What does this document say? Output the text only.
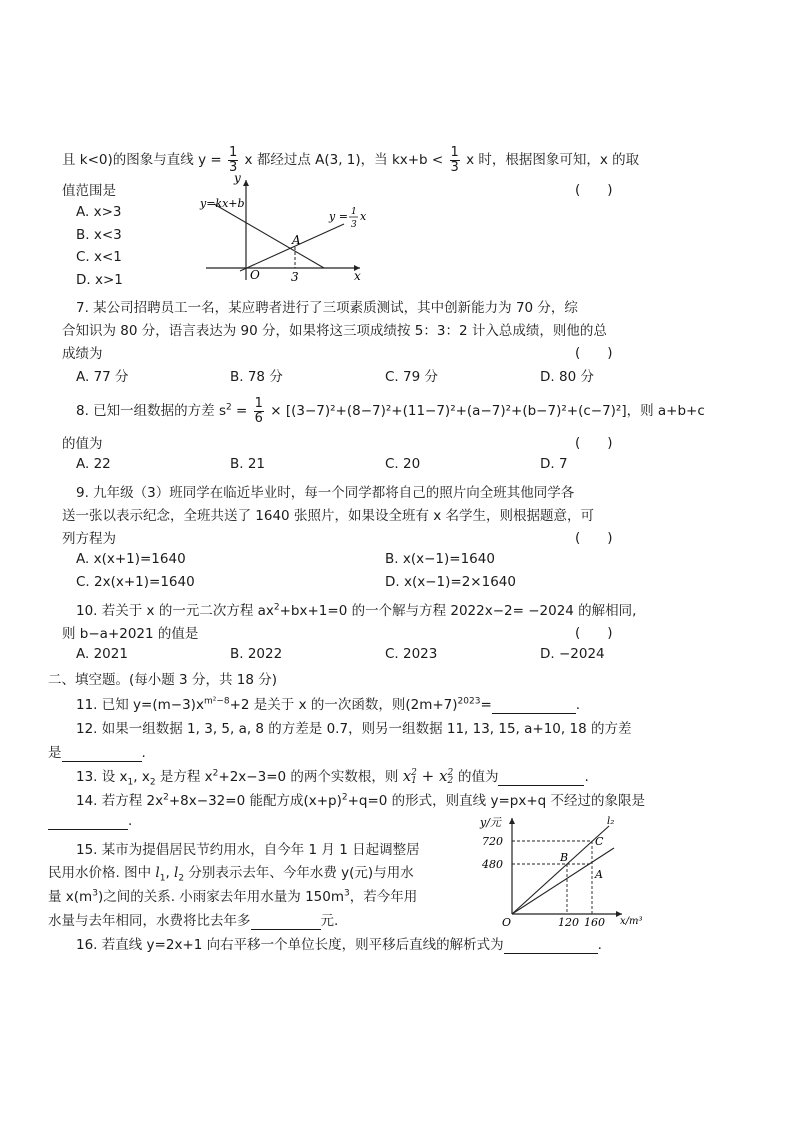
且 k<0)的图象与直线 $y = \frac{1}{3}$ x 都经过点 A(3, 1)，当 $kx+b < \frac{1}{3}$ x 时，根据图象可知，x 的取
值范围是	(　　)
A. x>3
B. x<3
C. x<1
D. x>1
y
x
O
y=kx+b
y = 1
3
x
A
3
7. 某公司招聘员工一名，某应聘者进行了三项素质测试，其中创新能力为 70 分，综
合知识为 80 分，语言表达为 90 分，如果将这三项成绩按 5：3：2 计入总成绩，则他的总
成绩为	(　　)
A. 77 分	B. 78 分	C. 79 分	D. 80 分
8. 已知一组数据的方差 $s^2 = \frac{1}{6} \times [(3-7)^2+(8-7)^2+(11-7)^2+(a-7)^2+(b-7)^2+(c-7)^2]$，则 a+b+c
的值为	(　　)
A. 22	B. 21	C. 20	D. 7
9. 九年级（3）班同学在临近毕业时，每一个同学都将自己的照片向全班其他同学各
送一张以表示纪念，全班共送了 1640 张照片，如果设全班有 x 名学生，则根据题意，可
列方程为	(　　)
A. x(x+1)=1640	B. x(x−1)=1640
C. 2x(x+1)=1640	D. x(x−1)=2×1640
10. 若关于 x 的一元二次方程 $ax^2+bx+1=0$ 的一个解与方程 2022x−2= −2024 的解相同,
则 b−a+2021 的值是	(　　)
A. 2021	B. 2022	C. 2023	D. −2024
二、填空题。(每小题 3 分，共 18 分)
11. 已知 $y=(m-3)x^{m^2-8}+2$ 是关于 x 的一次函数，则$(2m+7)^{2023}=$	.
12. 如果一组数据 1, 3, 5, a, 8 的方差是 0.7，则另一组数据 11, 13, 15, a+10, 18 的方差
是	.
13. 设 $x_1$, $x_2$ 是方程 $x^2+2x-3=0$ 的两个实数根，则 x 2
1 + x 2
2 的值为	.
14. 若方程 $2x^2+8x-32=0$ 能配方成$(x+p)^2+q=0$ 的形式，则直线 y=px+q 不经过的象限是
.
15. 某市为提倡居民节约用水，自今年 1 月 1 日起调整居
民用水价格. 图中 $l_1$, $l_2$ 分别表示去年、今年水费 y(元)与用水
量 $x(m^3)$之间的关系. 小雨家去年用水量为 $150m^3$，若今年用
水量与去年相同，水费将比去年多	元.
720
480
120 160
O
y/元
x/m³
B
C
A
l₂
16. 若直线 y=2x+1 向右平移一个单位长度，则平移后直线的解析式为	.
